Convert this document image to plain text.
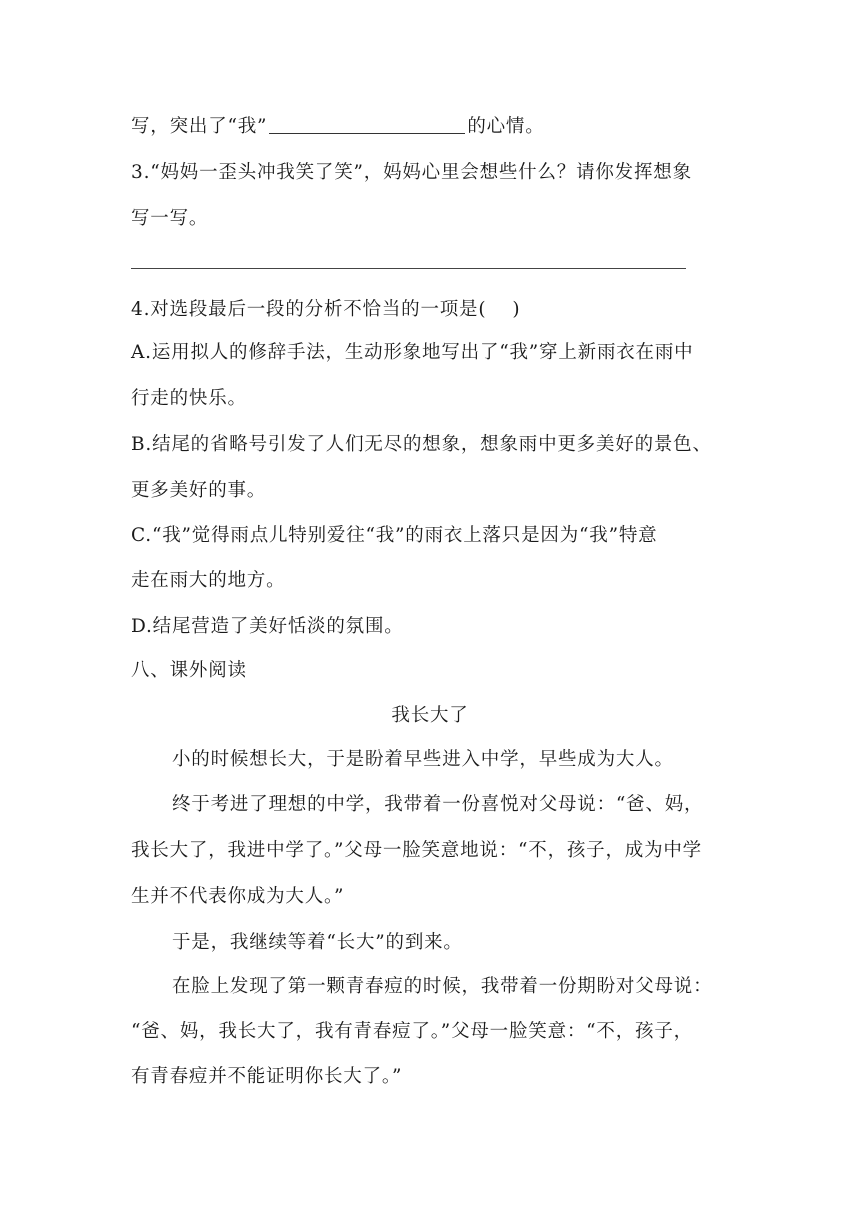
写，突出了“我”	的心情。
3.“妈妈一歪头冲我笑了笑”，妈妈心里会想些什么？请你发挥想象
写一写。
4.对选段最后一段的分析不恰当的一项是( )
A.运用拟人的修辞手法，生动形象地写出了“我”穿上新雨衣在雨中
行走的快乐。
B.结尾的省略号引发了人们无尽的想象，想象雨中更多美好的景色、
更多美好的事。
C.“我”觉得雨点儿特别爱往“我”的雨衣上落只是因为“我”特意
走在雨大的地方。
D.结尾营造了美好恬淡的氛围。
八、课外阅读
我长大了
小的时候想长大，于是盼着早些进入中学，早些成为大人。
终于考进了理想的中学，我带着一份喜悦对父母说：“爸、妈，
我长大了，我进中学了。”父母一脸笑意地说：“不，孩子，成为中学
生并不代表你成为大人。”
于是，我继续等着“长大”的到来。
在脸上发现了第一颗青春痘的时候，我带着一份期盼对父母说：
“爸、妈，我长大了，我有青春痘了。”父母一脸笑意：“不，孩子，
有青春痘并不能证明你长大了。”
